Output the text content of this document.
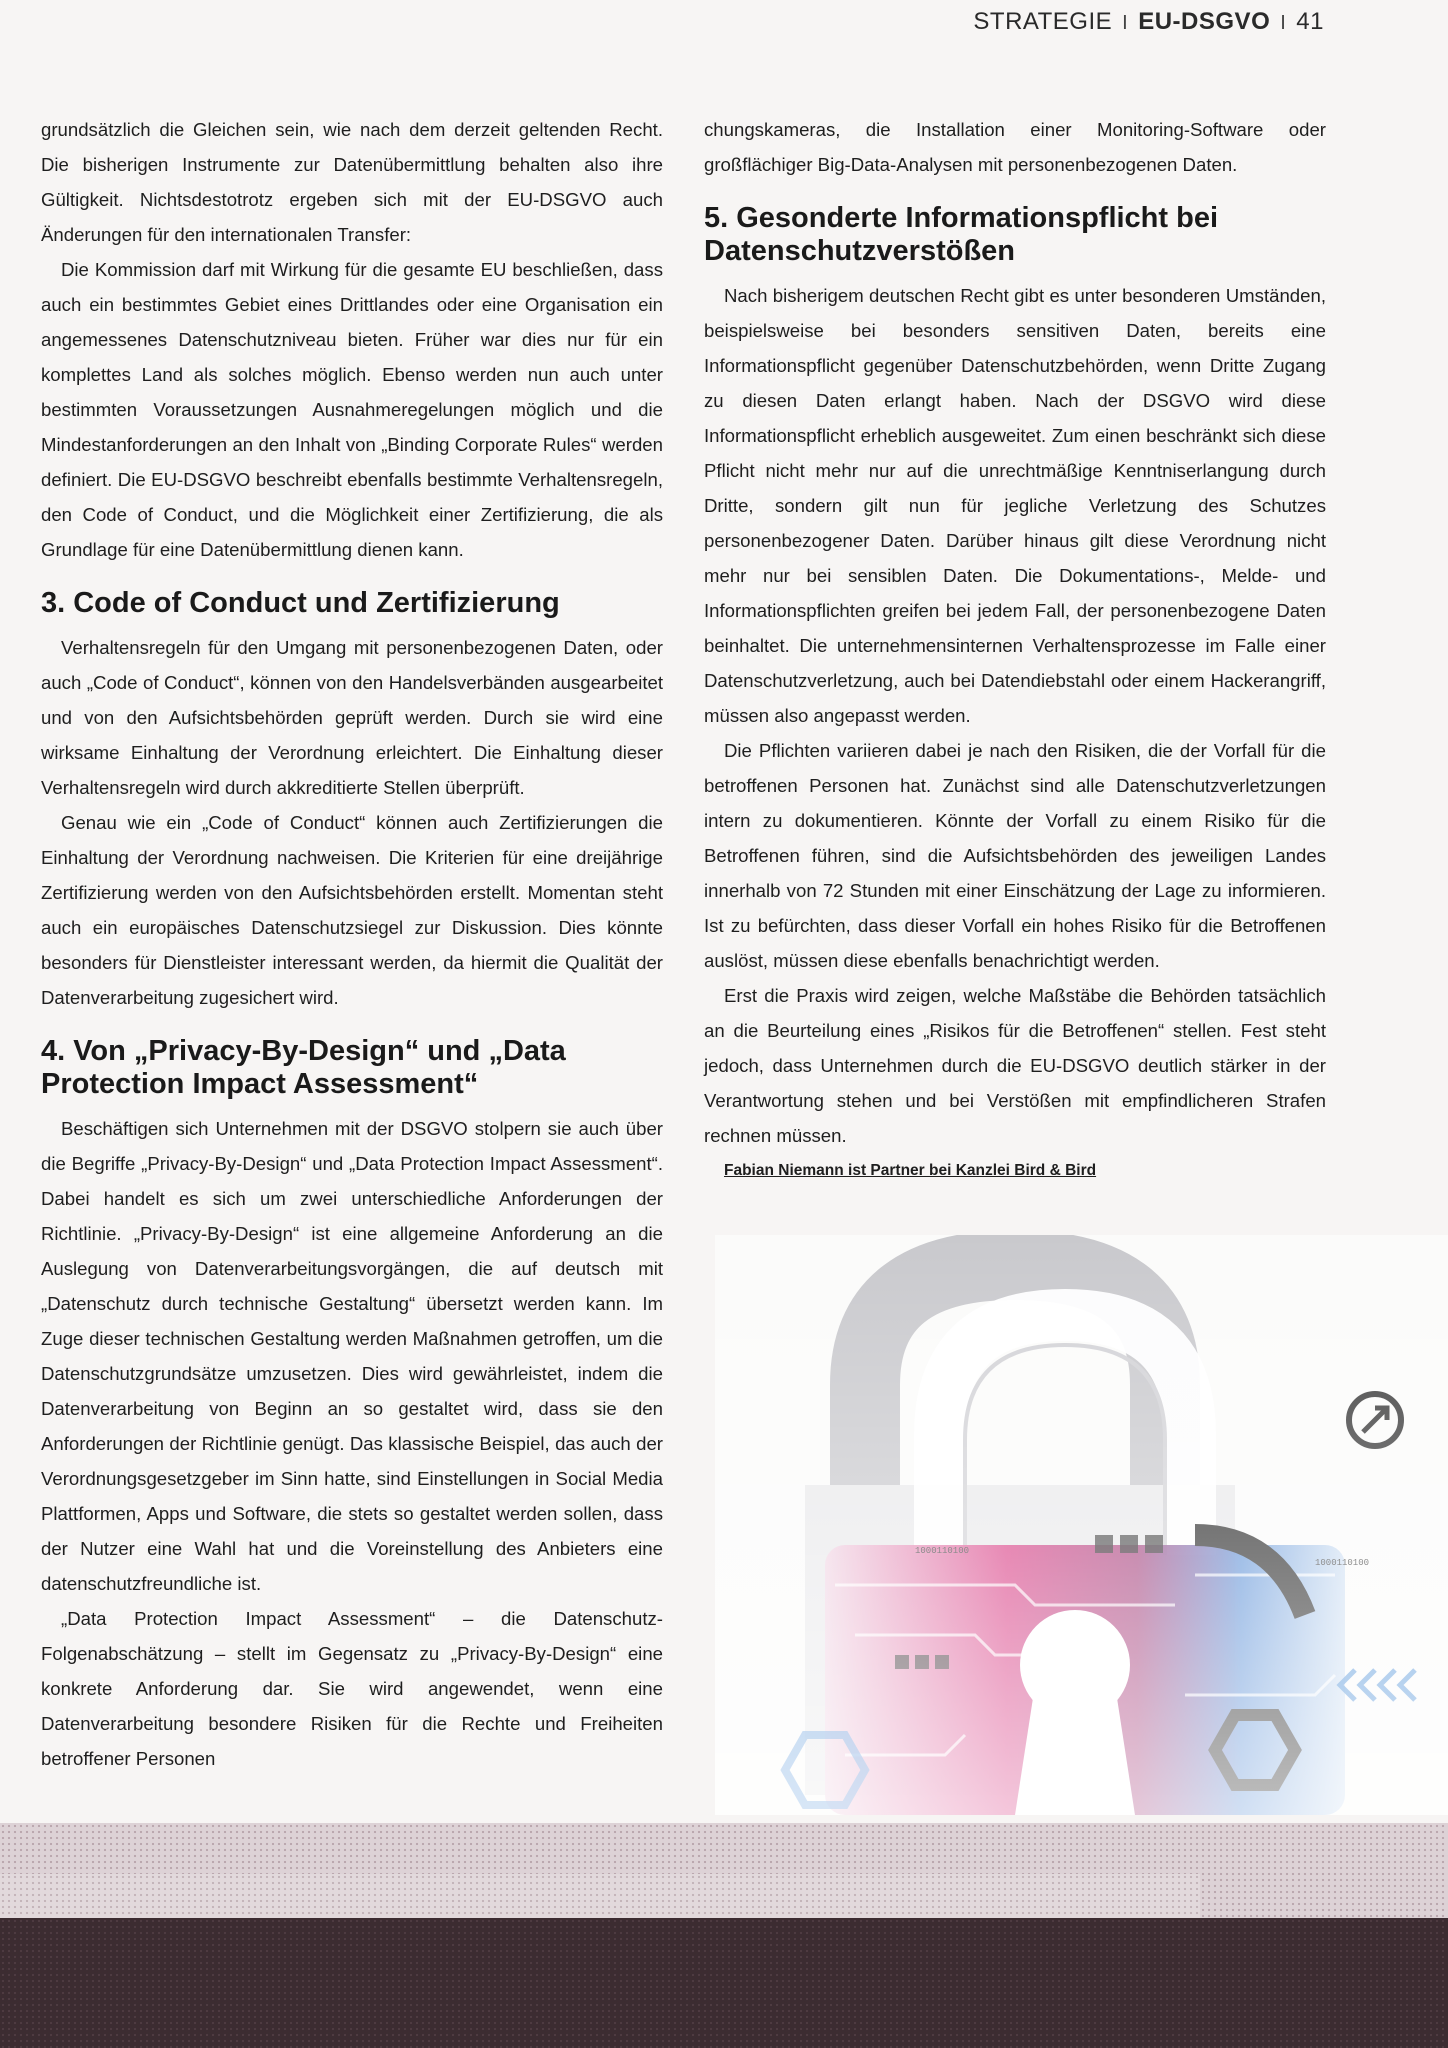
STRATEGIE I EU-DSGVO I 41

grundsätzlich die Gleichen sein, wie nach dem derzeit geltenden Recht. Die bisherigen Instrumente zur Datenübermittlung behalten also ihre Gültigkeit. Nichtsdestotrotz ergeben sich mit der EU-DSGVO auch Änderungen für den internationalen Transfer:

Die Kommission darf mit Wirkung für die gesamte EU beschließen, dass auch ein bestimmtes Gebiet eines Drittlandes oder eine Organisation ein angemessenes Datenschutzniveau bieten. Früher war dies nur für ein komplettes Land als solches möglich. Ebenso werden nun auch unter bestimmten Voraussetzungen Ausnahmeregelungen möglich und die Mindestanforderungen an den Inhalt von „Binding Corporate Rules“ werden definiert. Die EU-DSGVO beschreibt ebenfalls bestimmte Verhaltensregeln, den Code of Conduct, und die Möglichkeit einer Zertifizierung, die als Grundlage für eine Datenübermittlung dienen kann.

3. Code of Conduct und Zertifizierung

Verhaltensregeln für den Umgang mit personenbezogenen Daten, oder auch „Code of Conduct“, können von den Handelsverbänden ausgearbeitet und von den Aufsichtsbehörden geprüft werden. Durch sie wird eine wirksame Einhaltung der Verordnung erleichtert. Die Einhaltung dieser Verhaltensregeln wird durch akkreditierte Stellen überprüft.

Genau wie ein „Code of Conduct“ können auch Zertifizierungen die Einhaltung der Verordnung nachweisen. Die Kriterien für eine dreijährige Zertifizierung werden von den Aufsichtsbehörden erstellt. Momentan steht auch ein europäisches Datenschutzsiegel zur Diskussion. Dies könnte besonders für Dienstleister interessant werden, da hiermit die Qualität der Datenverarbeitung zugesichert wird.

4. Von „Privacy-By-Design“ und „Data Protection Impact Assessment“

Beschäftigen sich Unternehmen mit der DSGVO stolpern sie auch über die Begriffe „Privacy-By-Design“ und „Data Protection Impact Assessment“. Dabei handelt es sich um zwei unterschiedliche Anforderungen der Richtlinie. „Privacy-By-Design“ ist eine allgemeine Anforderung an die Auslegung von Datenverarbeitungsvorgängen, die auf deutsch mit „Datenschutz durch technische Gestaltung“ übersetzt werden kann. Im Zuge dieser technischen Gestaltung werden Maßnahmen getroffen, um die Datenschutzgrundsätze umzusetzen. Dies wird gewährleistet, indem die Datenverarbeitung von Beginn an so gestaltet wird, dass sie den Anforderungen der Richtlinie genügt. Das klassische Beispiel, das auch der Verordnungsgesetzgeber im Sinn hatte, sind Einstellungen in Social Media Plattformen, Apps und Software, die stets so gestaltet werden sollen, dass der Nutzer eine Wahl hat und die Voreinstellung des Anbieters eine datenschutzfreundliche ist.

„Data Protection Impact Assessment“ – die Datenschutz-Folgenabschätzung – stellt im Gegensatz zu „Privacy-By-Design“ eine konkrete Anforderung dar. Sie wird angewendet, wenn eine Datenverarbeitung besondere Risiken für die Rechte und Freiheiten betroffener Personen

chungskameras, die Installation einer Monitoring-Software oder großflächiger Big-Data-Analysen mit personenbezogenen Daten.

5. Gesonderte Informationspflicht bei Datenschutzverstößen

Nach bisherigem deutschen Recht gibt es unter besonderen Umständen, beispielsweise bei besonders sensitiven Daten, bereits eine Informationspflicht gegenüber Datenschutzbehörden, wenn Dritte Zugang zu diesen Daten erlangt haben. Nach der DSGVO wird diese Informationspflicht erheblich ausgeweitet. Zum einen beschränkt sich diese Pflicht nicht mehr nur auf die unrechtmäßige Kenntniserlangung durch Dritte, sondern gilt nun für jegliche Verletzung des Schutzes personenbezogener Daten. Darüber hinaus gilt diese Verordnung nicht mehr nur bei sensiblen Daten. Die Dokumentations-, Melde- und Informationspflichten greifen bei jedem Fall, der personenbezogene Daten beinhaltet. Die unternehmensinternen Verhaltensprozesse im Falle einer Datenschutzverletzung, auch bei Datendiebstahl oder einem Hackerangriff, müssen also angepasst werden.

Die Pflichten variieren dabei je nach den Risiken, die der Vorfall für die betroffenen Personen hat. Zunächst sind alle Datenschutzverletzungen intern zu dokumentieren. Könnte der Vorfall zu einem Risiko für die Betroffenen führen, sind die Aufsichtsbehörden des jeweiligen Landes innerhalb von 72 Stunden mit einer Einschätzung der Lage zu informieren. Ist zu befürchten, dass dieser Vorfall ein hohes Risiko für die Betroffenen auslöst, müssen diese ebenfalls benachrichtigt werden.

Erst die Praxis wird zeigen, welche Maßstäbe die Behörden tatsächlich an die Beurteilung eines „Risikos für die Betroffenen“ stellen. Fest steht jedoch, dass Unternehmen durch die EU-DSGVO deutlich stärker in der Verantwortung stehen und bei Verstößen mit empfindlicheren Strafen rechnen müssen.

Fabian Niemann ist Partner bei Kanzlei Bird & Bird
